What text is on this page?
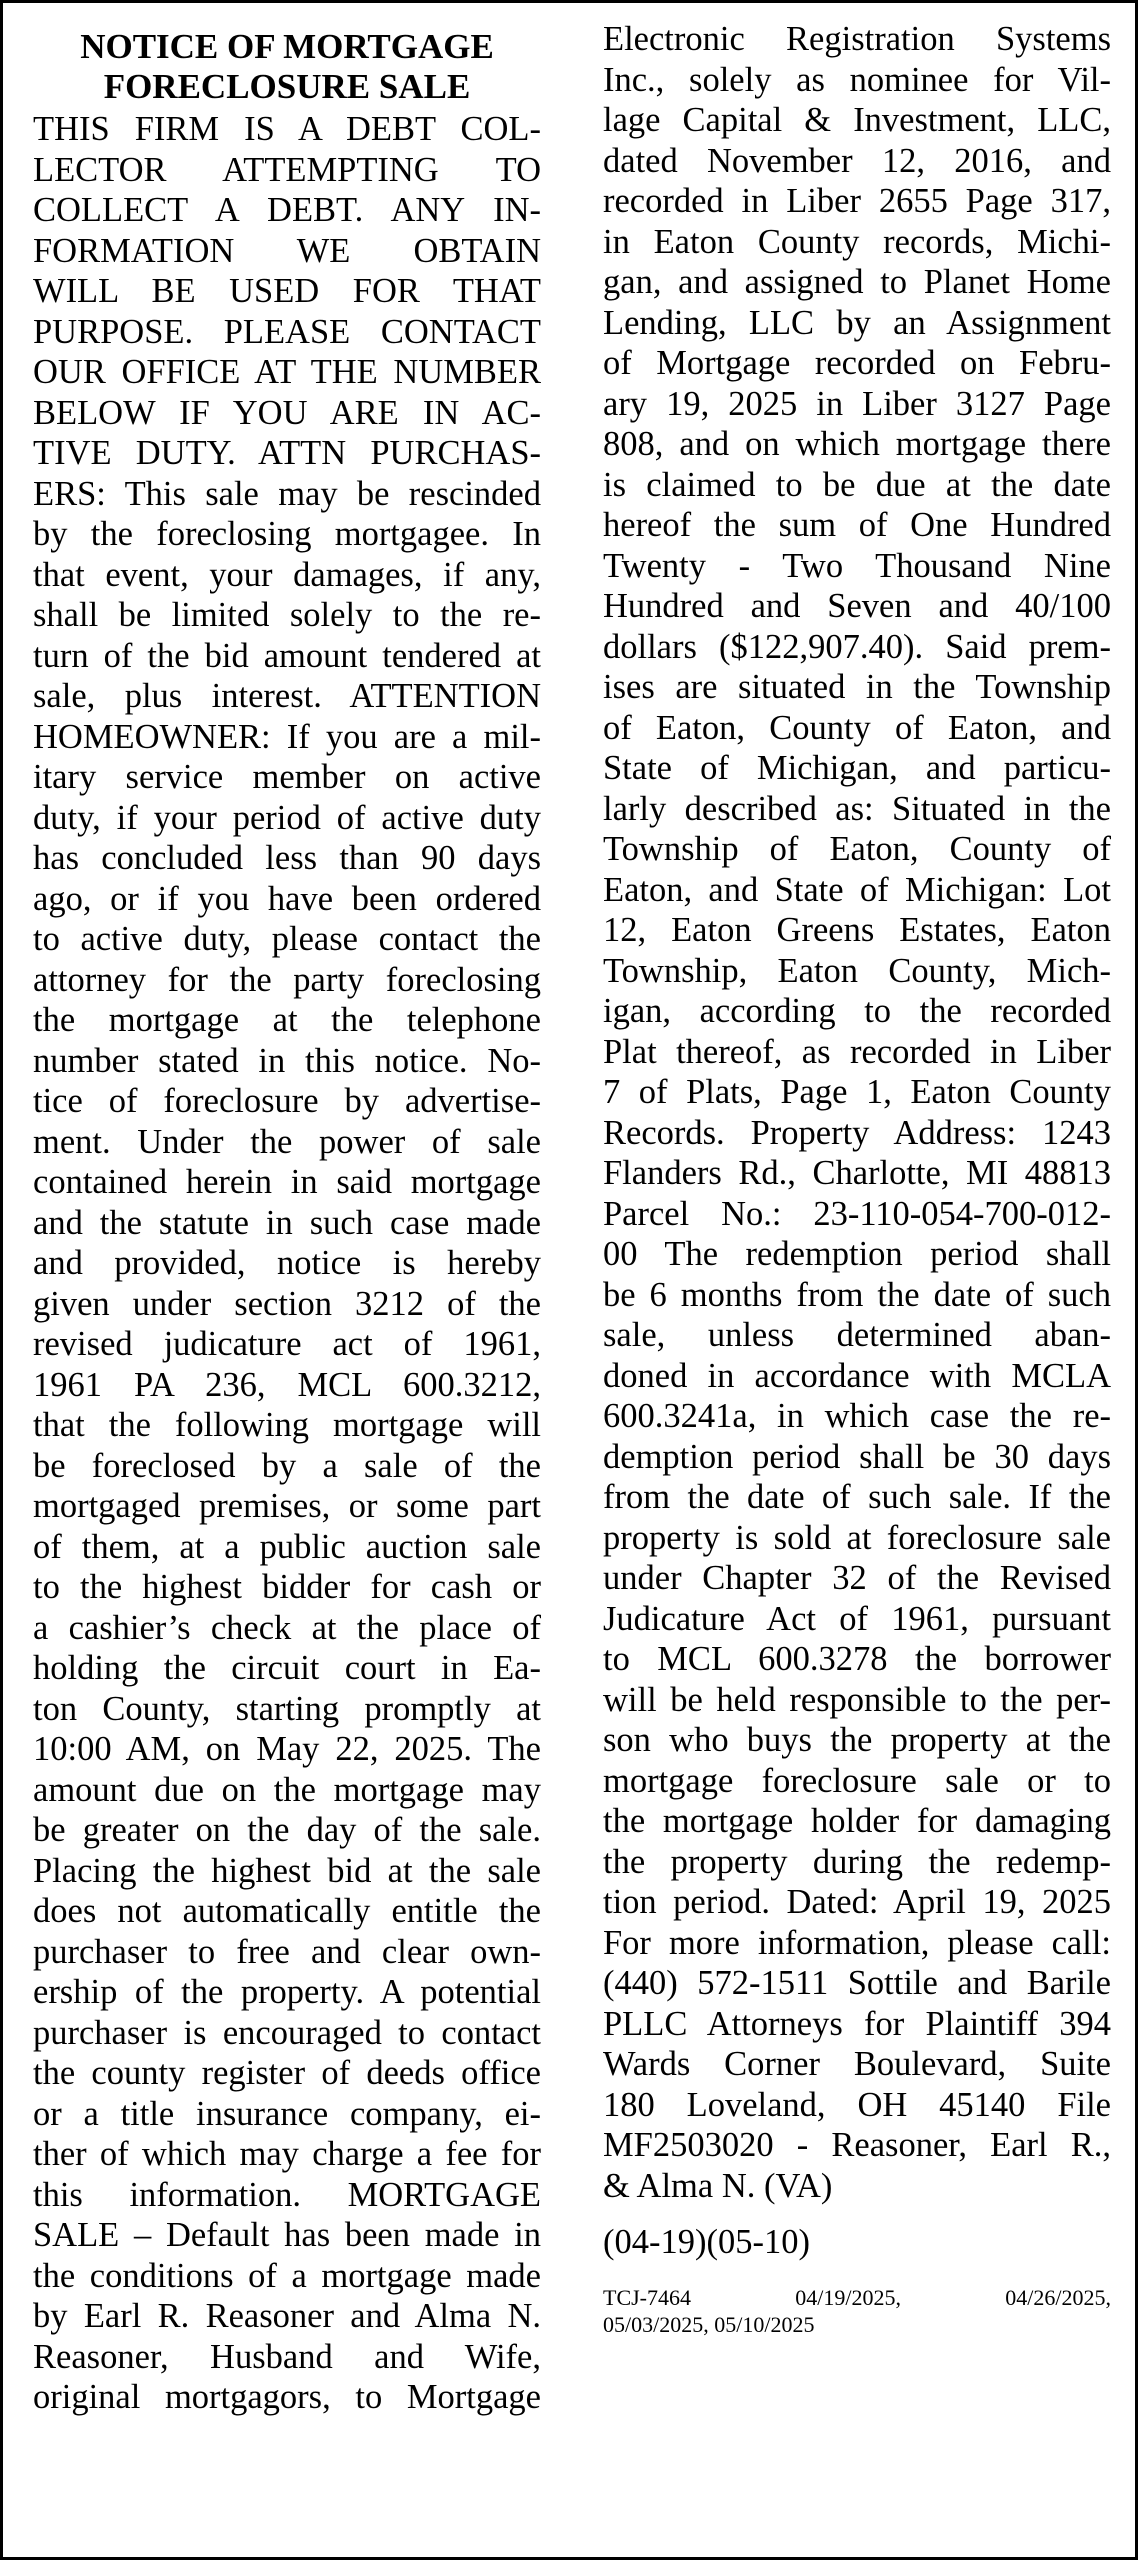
NOTICE OF MORTGAGE
FORECLOSURE SALE
THIS FIRM IS A DEBT COL-
LECTOR ATTEMPTING TO
COLLECT A DEBT. ANY IN-
FORMATION WE OBTAIN
WILL BE USED FOR THAT
PURPOSE. PLEASE CONTACT
OUR OFFICE AT THE NUMBER
BELOW IF YOU ARE IN AC-
TIVE DUTY. ATTN PURCHAS-
ERS: This sale may be rescinded
by the foreclosing mortgagee. In
that event, your damages, if any,
shall be limited solely to the re-
turn of the bid amount tendered at
sale, plus interest. ATTENTION
HOMEOWNER: If you are a mil-
itary service member on active
duty, if your period of active duty
has concluded less than 90 days
ago, or if you have been ordered
to active duty, please contact the
attorney for the party foreclosing
the mortgage at the telephone
number stated in this notice. No-
tice of foreclosure by advertise-
ment. Under the power of sale
contained herein in said mortgage
and the statute in such case made
and provided, notice is hereby
given under section 3212 of the
revised judicature act of 1961,
1961 PA 236, MCL 600.3212,
that the following mortgage will
be foreclosed by a sale of the
mortgaged premises, or some part
of them, at a public auction sale
to the highest bidder for cash or
a cashier’s check at the place of
holding the circuit court in Ea-
ton County, starting promptly at
10:00 AM, on May 22, 2025. The
amount due on the mortgage may
be greater on the day of the sale.
Placing the highest bid at the sale
does not automatically entitle the
purchaser to free and clear own-
ership of the property. A potential
purchaser is encouraged to contact
the county register of deeds office
or a title insurance company, ei-
ther of which may charge a fee for
this information. MORTGAGE
SALE – Default has been made in
the conditions of a mortgage made
by Earl R. Reasoner and Alma N.
Reasoner, Husband and Wife,
original mortgagors, to Mortgage
Electronic Registration Systems
Inc., solely as nominee for Vil-
lage Capital & Investment, LLC,
dated November 12, 2016, and
recorded in Liber 2655 Page 317,
in Eaton County records, Michi-
gan, and assigned to Planet Home
Lending, LLC by an Assignment
of Mortgage recorded on Febru-
ary 19, 2025 in Liber 3127 Page
808, and on which mortgage there
is claimed to be due at the date
hereof the sum of One Hundred
Twenty - Two Thousand Nine
Hundred and Seven and 40/100
dollars ($122,907.40). Said prem-
ises are situated in the Township
of Eaton, County of Eaton, and
State of Michigan, and particu-
larly described as: Situated in the
Township of Eaton, County of
Eaton, and State of Michigan: Lot
12, Eaton Greens Estates, Eaton
Township, Eaton County, Mich-
igan, according to the recorded
Plat thereof, as recorded in Liber
7 of Plats, Page 1, Eaton County
Records. Property Address: 1243
Flanders Rd., Charlotte, MI 48813
Parcel No.: 23-110-054-700-012-
00 The redemption period shall
be 6 months from the date of such
sale, unless determined aban-
doned in accordance with MCLA
600.3241a, in which case the re-
demption period shall be 30 days
from the date of such sale. If the
property is sold at foreclosure sale
under Chapter 32 of the Revised
Judicature Act of 1961, pursuant
to MCL 600.3278 the borrower
will be held responsible to the per-
son who buys the property at the
mortgage foreclosure sale or to
the mortgage holder for damaging
the property during the redemp-
tion period. Dated: April 19, 2025
For more information, please call:
(440) 572-1511 Sottile and Barile
PLLC Attorneys for Plaintiff 394
Wards Corner Boulevard, Suite
180 Loveland, OH 45140 File
MF2503020 - Reasoner, Earl R.,
& Alma N. (VA)
(04-19)(05-10)
TCJ-7464 04/19/2025, 04/26/2025,
05/03/2025, 05/10/2025
